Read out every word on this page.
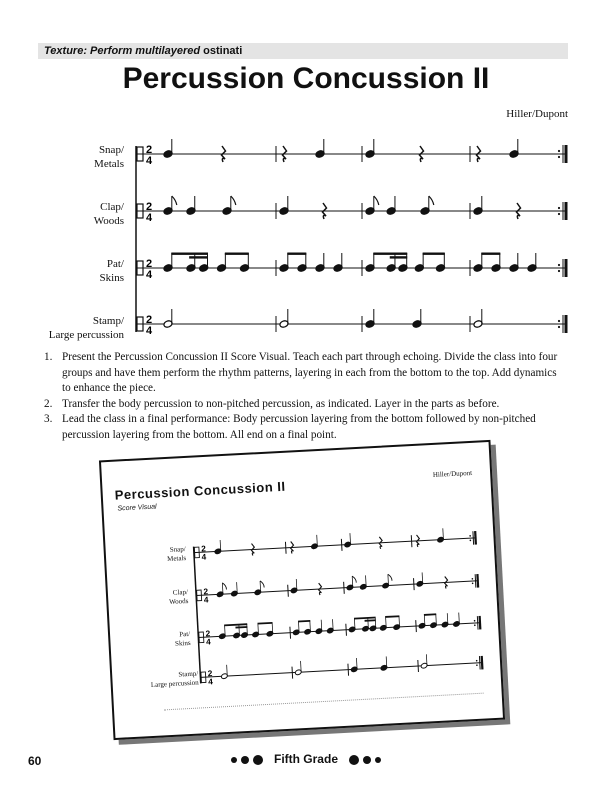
Texture: Perform multilayered ostinati
Percussion Concussion II
Hiller/Dupont
Snap/
Metals
Clap/
Woods
Pat/
Skins
Stamp/
Large percussion
2
4
2
4
2
4
2
4
1. Present the Percussion Concussion II Score Visual. Teach each part through echoing. Divide the class into four groups and have them perform the rhythm patterns, layering in each from the bottom to the top. Add dynamics to enhance the piece.
2. Transfer the body percussion to non-pitched percussion, as indicated. Layer in the parts as before.
3. Lead the class in a final performance: Body percussion layering from the bottom followed by non-pitched percussion layering from the bottom. All end on a final point.
Percussion Concussion II
Score Visual
Hiller/Dupont
Snap/
Metals
Clap/
Woods
Pat/
Skins
Stamp/
Large percussion
2
4
2
4
2
4
2
4
60	Fifth Grade
